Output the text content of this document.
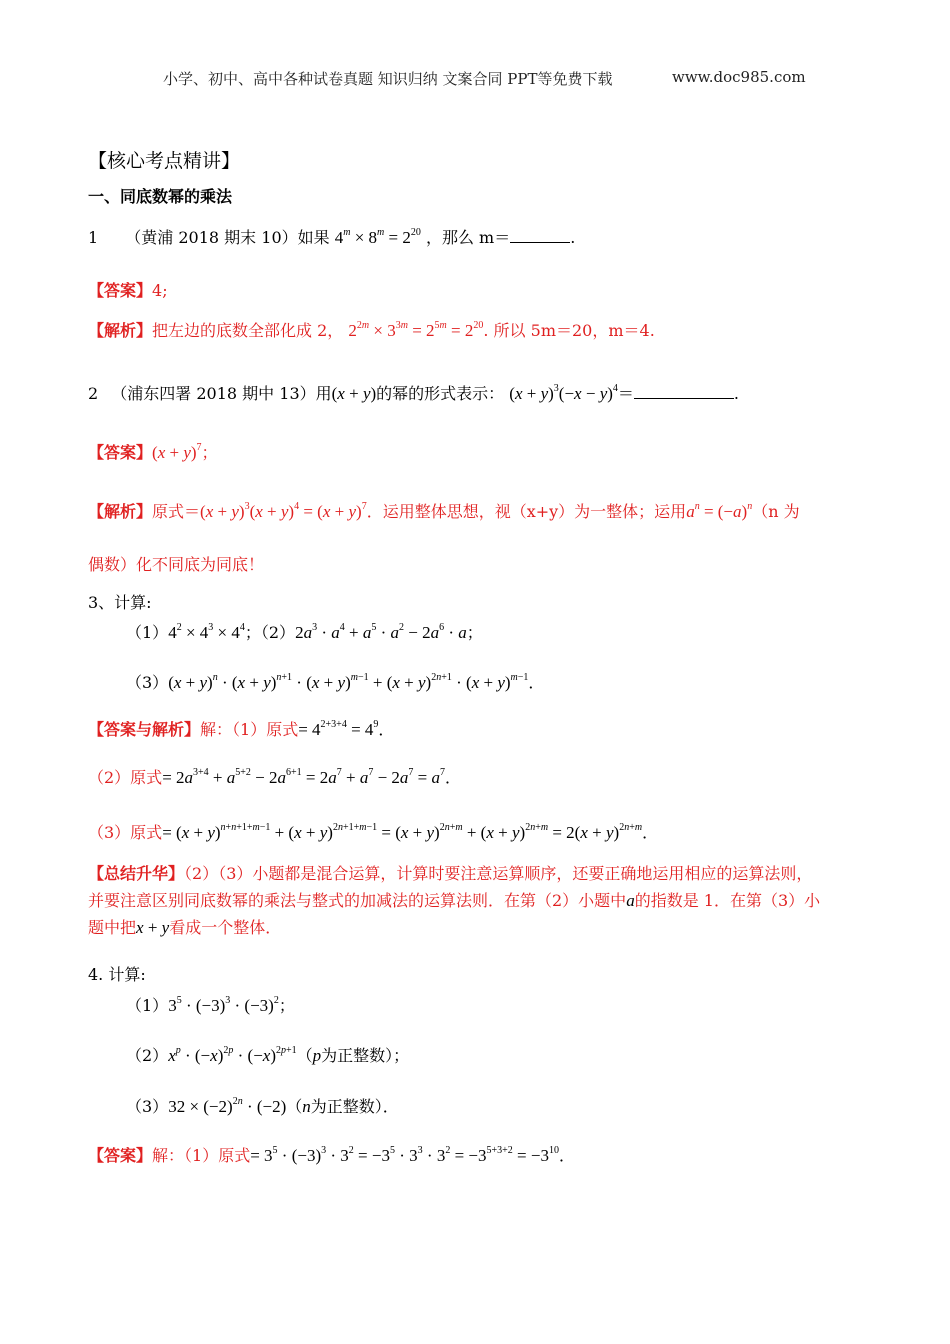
小学、初中、高中各种试卷真题 知识归纳 文案合同 PPT等免费下载	www.doc985.com
【核心考点精讲】
一、同底数幂的乘法
1 （黄浦 2018 期末 10）如果 $4^m \times 8^m = 2^{20}$ ，那么 m＝	.
【答案】4;
【解析】把左边的底数全部化成 2， $2^{2m} \times 3^{3m} = 2^{5m} = 2^{20}$. 所以 5m＝20，m＝4.
2 （浦东四署 2018 期中 13）用(x + y)的幂的形式表示： $(x + y)^3(-x - y)^4=$	.
【答案】$(x + y)^7$；
【解析】原式$=(x + y)^3(x + y)^4 = (x + y)^7$．运用整体思想，视（x+y）为一整体；运用$a^n = (-a)^n(n$ 为
偶数）化不同底为同底！
3、计算:
$(1)4^2 \times 4^3 \times 4^4$；$(2)2a^3 \cdot a^4 + a^5 \cdot a^2 - 2a^6 \cdot a$；
$(3)(x + y)^n \cdot (x + y)^{n+1} \cdot (x + y)^{m-1} + (x + y)^{2n+1} \cdot (x + y)^{m-1}$．
【答案与解析】解：（1）原式= $4^{2+3+4} = 4^9$．
（2）原式= $2a^{3+4} + a^{5+2} - 2a^{6+1} = 2a^7 + a^7 - 2a^7 = a^7$．
（3）原式= $(x + y)^{n+n+1+m-1} + (x + y)^{2n+1+m-1} = (x + y)^{2n+m} + (x + y)^{2n+m} = 2(x + y)^{2n+m}$．
【总结升华】（2）（3）小题都是混合运算，计算时要注意运算顺序，还要正确地运用相应的运算法则，
并要注意区别同底数幂的乘法与整式的加减法的运算法则．在第（2）小题中a的指数是 1．在第（3）小
题中把x + y看成一个整体．
4. 计算:
$(1)3^5 \cdot (-3)^3 \cdot (-3)^2$；
$(2)x^p \cdot (-x)^{2p} \cdot (-x)^{2p+1}(p$为正整数）；
$(3)32 \times (-2)^{2n} \cdot (-2)(n$为正整数）．
【答案】解：（1）原式= $3^5 \cdot (-3)^3 \cdot 3^2 = -3^5 \cdot 3^3 \cdot 3^2 = -3^{5+3+2} = -3^{10}$．
